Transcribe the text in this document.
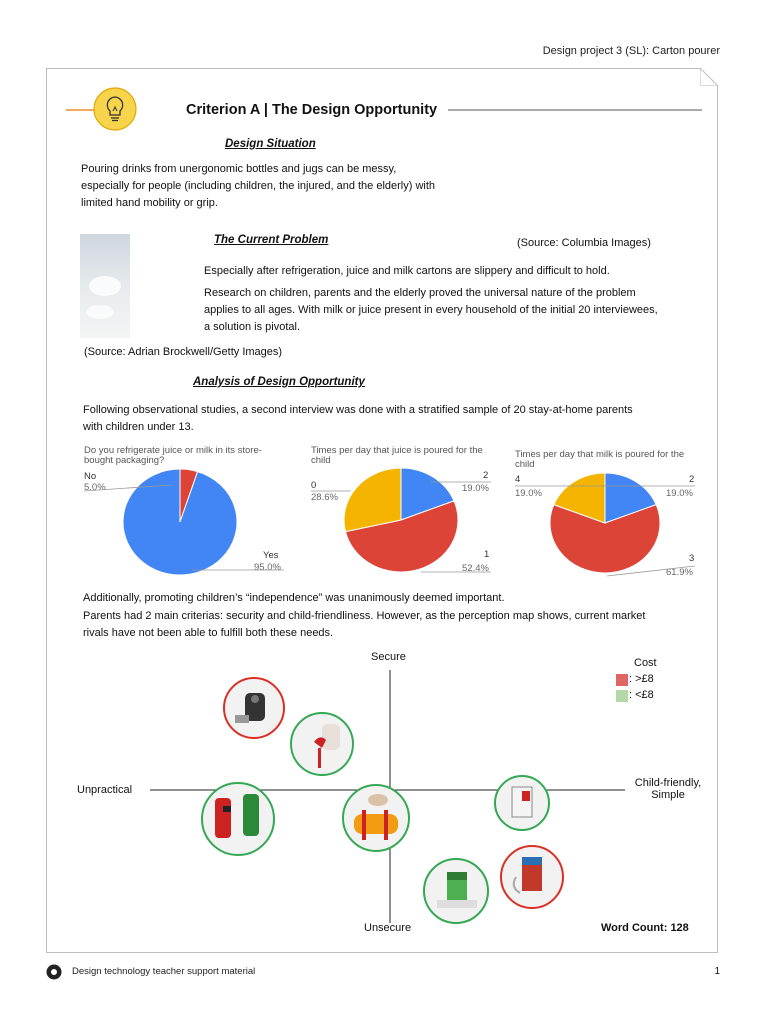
Design project 3 (SL): Carton pourer
Criterion A | The Design Opportunity
Design Situation
Pouring drinks from unergonomic bottles and jugs can be messy,
especially for people (including children, the injured, and the elderly) with
limited hand mobility or grip.
The Current Problem	(Source: Columbia Images)
Especially after refrigeration, juice and milk cartons are slippery and difficult to hold.
Research on children, parents and the elderly proved the universal nature of the problem
applies to all ages. With milk or juice present in every household of the initial 20 interviewees,
a solution is pivotal.
(Source: Adrian Brockwell/Getty Images)
Analysis of Design Opportunity
Following observational studies, a second interview was done with a stratified sample of 20 stay-at-home parents
with children under 13.
Do you refrigerate juice or milk in its store-bought packaging?
No
5.0%
Yes
95.0%
Times per day that juice is poured for the child
2
19.0%
0
28.6%
1
52.4%
Times per day that milk is poured for the child
4
19.0%
2
19.0%
3
61.9%
Additionally, promoting children’s “independence” was unanimously deemed important.
Parents had 2 main criterias: security and child-friendliness. However, as the perception map shows, current market
rivals have not been able to fulfill both these needs.
Secure
Unsecure
Unpractical
Child-friendly,
Simple
Cost
: >£8
: <£8
Word Count: 128
Design technology teacher support material	1
